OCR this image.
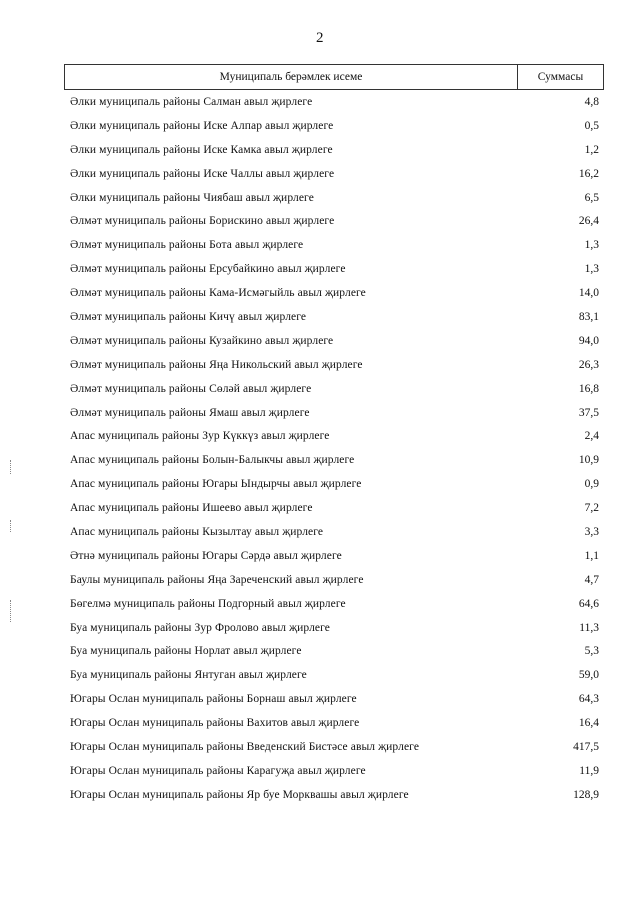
2
Муниципаль берәмлек исеме	Суммасы
Әлки муниципаль районы Салман авыл җирлеге	4,8
Әлки муниципаль районы Иске Алпар авыл җирлеге	0,5
Әлки муниципаль районы Иске Камка авыл җирлеге	1,2
Әлки муниципаль районы Иске Чаллы авыл җирлеге	16,2
Әлки муниципаль районы Чиябаш авыл җирлеге	6,5
Әлмәт муниципаль районы Борискино авыл җирлеге	26,4
Әлмәт муниципаль районы Бота авыл җирлеге	1,3
Әлмәт муниципаль районы Ерсубайкино авыл җирлеге	1,3
Әлмәт муниципаль районы Кама-Исмәгыйль авыл җирлеге	14,0
Әлмәт муниципаль районы Кичү авыл җирлеге	83,1
Әлмәт муниципаль районы Кузайкино авыл җирлеге	94,0
Әлмәт муниципаль районы Яңа Никольский авыл җирлеге	26,3
Әлмәт муниципаль районы Сөләй авыл җирлеге	16,8
Әлмәт муниципаль районы Ямаш авыл җирлеге	37,5
Апас муниципаль районы Зур Күккүз авыл җирлеге	2,4
Апас муниципаль районы Болын-Балыкчы авыл җирлеге	10,9
Апас муниципаль районы Югары Ындырчы авыл җирлеге	0,9
Апас муниципаль районы Ишеево авыл җирлеге	7,2
Апас муниципаль районы Кызылтау авыл җирлеге	3,3
Әтнә муниципаль районы Югары Сәрдә авыл җирлеге	1,1
Баулы муниципаль районы Яңа Зареченский авыл җирлеге	4,7
Бөгелмә муниципаль районы Подгорный авыл җирлеге	64,6
Буа муниципаль районы Зур Фролово авыл җирлеге	11,3
Буа муниципаль районы Норлат авыл җирлеге	5,3
Буа муниципаль районы Янтуган авыл җирлеге	59,0
Югары Ослан муниципаль районы Борнаш авыл җирлеге	64,3
Югары Ослан муниципаль районы Вахитов авыл җирлеге	16,4
Югары Ослан муниципаль районы Введенский Бистәсе авыл җирлеге	417,5
Югары Ослан муниципаль районы Карагуҗа авыл җирлеге	11,9
Югары Ослан муниципаль районы Яр буе Морквашы авыл җирлеге	128,9
